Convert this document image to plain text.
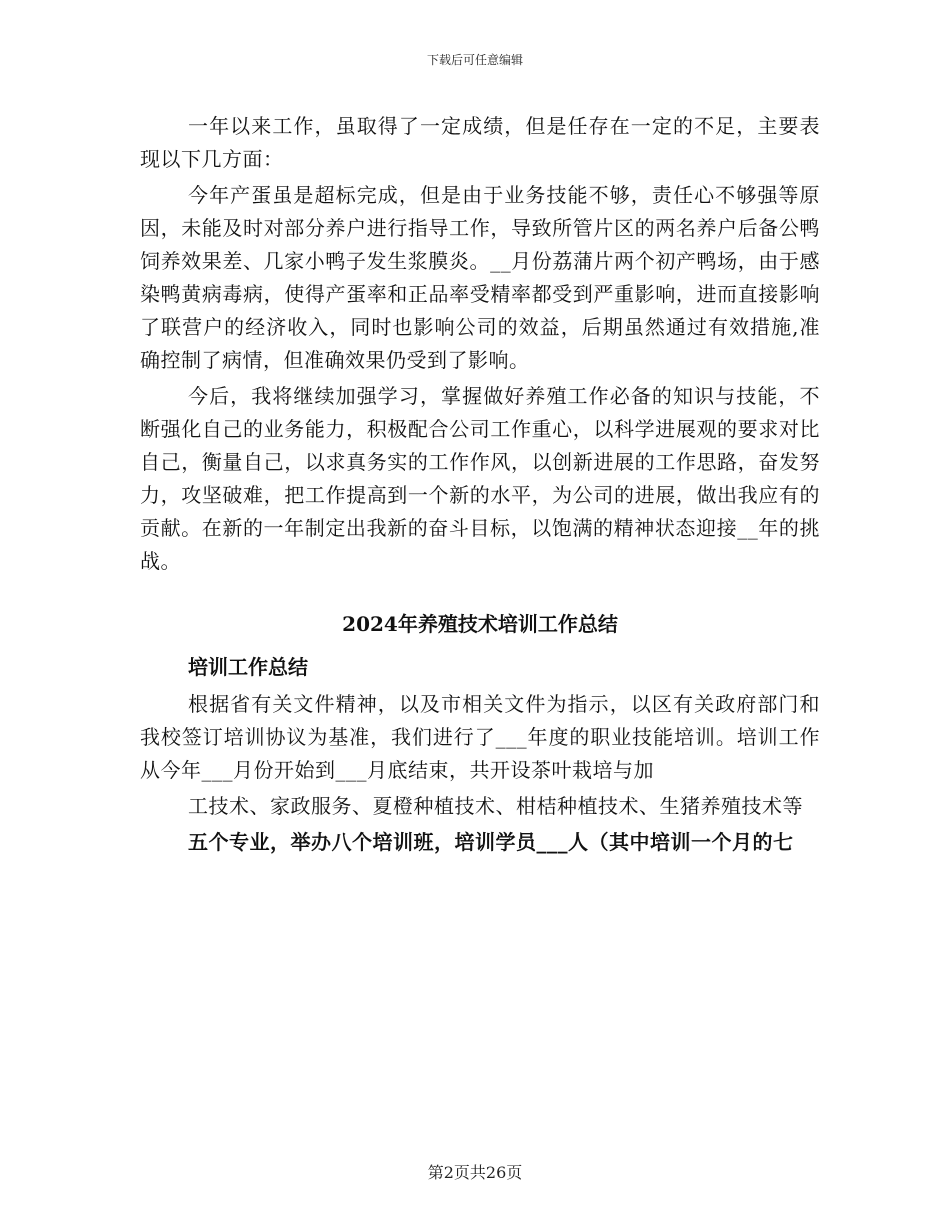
下载后可任意编辑

一年以来工作，虽取得了一定成绩，但是任存在一定的不足，主要表现以下几方面：

今年产蛋虽是超标完成，但是由于业务技能不够，责任心不够强等原因，未能及时对部分养户进行指导工作，导致所管片区的两名养户后备公鸭饲养效果差、几家小鸭子发生浆膜炎。__月份荔蒲片两个初产鸭场，由于感染鸭黄病毒病，使得产蛋率和正品率受精率都受到严重影响，进而直接影响了联营户的经济收入，同时也影响公司的效益，后期虽然通过有效措施,准确控制了病情，但准确效果仍受到了影响。

今后，我将继续加强学习，掌握做好养殖工作必备的知识与技能，不断强化自己的业务能力，积极配合公司工作重心，以科学进展观的要求对比自己，衡量自己，以求真务实的工作作风，以创新进展的工作思路，奋发努力，攻坚破难，把工作提高到一个新的水平，为公司的进展，做出我应有的贡献。在新的一年制定出我新的奋斗目标，以饱满的精神状态迎接__年的挑战。

2024年养殖技术培训工作总结
培训工作总结

根据省有关文件精神，以及市相关文件为指示，以区有关政府部门和我校签订培训协议为基准，我们进行了___年度的职业技能培训。培训工作从今年___月份开始到___月底结束，共开设茶叶栽培与加

工技术、家政服务、夏橙种植技术、柑桔种植技术、生猪养殖技术等

五个专业，举办八个培训班，培训学员___人（其中培训一个月的七

第2页共26页
